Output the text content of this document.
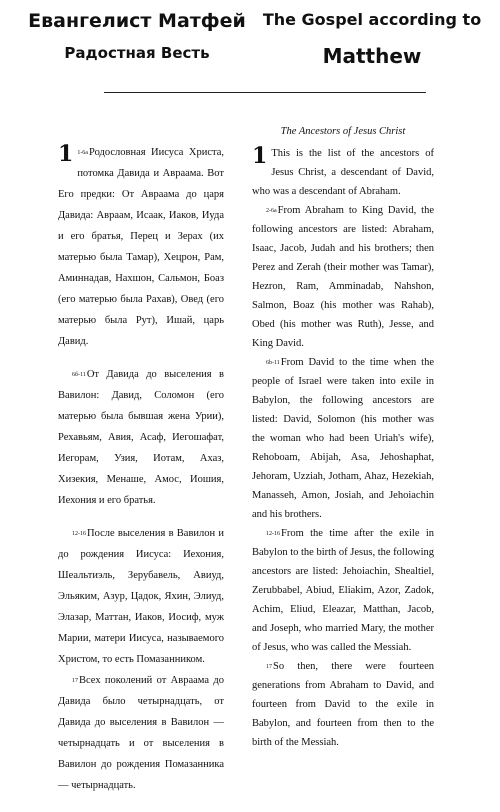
Евангелист Матфей
Радостная Весть
The Gospel according to
Matthew

1 $^{1-6а}$Родословная Иисуса Христа, потомка Давида и Авраама. Вот Его предки: От Авраама до царя Давида: Авраам, Исаак, Иаков, Иуда и его братья, Перец и Зерах (их матерью была Тамар), Хецрон, Рам, Аминнадав, Нахшон, Сальмон, Боаз (его матерью была Рахав), Овед (его матерью была Рут), Ишай, царь Давид.

$^{6б-11}$От Давида до выселения в Вавилон: Давид, Соломон (его матерью была бывшая жена Урии), Рехавьям, Авия, Асаф, Иегошафат, Иегорам, Узия, Иотам, Ахаз, Хизекия, Менаше, Амос, Иошия, Иехония и его братья.

$^{12-16}$После выселения в Вавилон и до рождения Иисуса: Иехония, Шеальтиэль, Зерубавель, Авиуд, Эльяким, Азур, Цадок, Яхин, Элиуд, Элазар, Маттан, Иаков, Иосиф, муж Марии, матери Иисуса, называемого Христом, то есть Помазанником.

$^{17}$Всех поколений от Авраама до Давида было четырнадцать, от Давида до выселения в Вавилон — четырнадцать и от выселения в Вавилон до рождения Помазанника — четырнадцать.

The Ancestors of Jesus Christ

1 This is the list of the ancestors of Jesus Christ, a descendant of David, who was a descendant of Abraham.

$^{2-6a}$From Abraham to King David, the following ancestors are listed: Abraham, Isaac, Jacob, Judah and his brothers; then Perez and Zerah (their mother was Tamar), Hezron, Ram, Amminadab, Nahshon, Salmon, Boaz (his mother was Rahab), Obed (his mother was Ruth), Jesse, and King David.

$^{6b-11}$From David to the time when the people of Israel were taken into exile in Babylon, the following ancestors are listed: David, Solomon (his mother was the woman who had been Uriah's wife), Rehoboam, Abijah, Asa, Jehoshaphat, Jehoram, Uzziah, Jotham, Ahaz, Hezekiah, Manasseh, Amon, Josiah, and Jehoiachin and his brothers.

$^{12-16}$From the time after the exile in Babylon to the birth of Jesus, the following ancestors are listed: Jehoiachin, Shealtiel, Zerubbabel, Abiud, Eliakim, Azor, Zadok, Achim, Eliud, Eleazar, Matthan, Jacob, and Joseph, who married Mary, the mother of Jesus, who was called the Messiah.

$^{17}$So then, there were fourteen generations from Abraham to David, and fourteen from David to the exile in Babylon, and fourteen from then to the birth of the Messiah.
